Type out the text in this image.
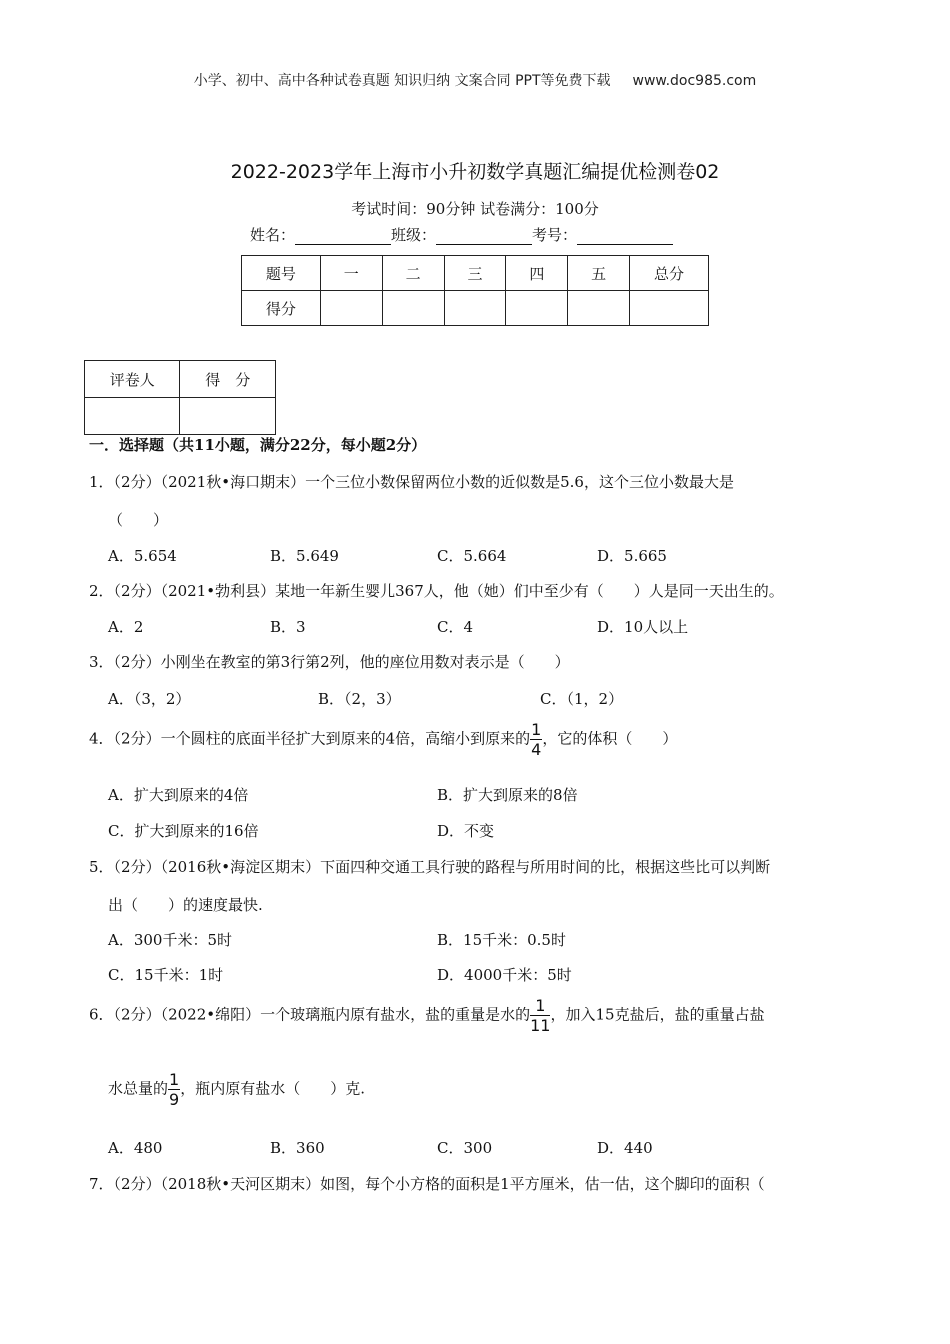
小学、初中、高中各种试卷真题 知识归纳 文案合同 PPT等免费下载 www.doc985.com
2022-2023学年上海市小升初数学真题汇编提优检测卷02
考试时间：90分钟 试卷满分：100分
姓名：	班级：	考号：
题号	一	二	三	四	五	总分
得分						
评卷人	得　分

一．选择题（共11小题，满分22分，每小题2分）
1．（2分）（2021秋•海口期末）一个三位小数保留两位小数的近似数是5.6，这个三位小数最大是
（　　）
A．5.654	B．5.649	C．5.664	D．5.665
2．（2分）（2021•勃利县）某地一年新生婴儿367人，他（她）们中至少有（　　）人是同一天出生的。
A．2	B．3	C．4	D．10人以上
3．（2分）小刚坐在教室的第3行第2列，他的座位用数对表示是（　　）
A．（3，2）	B．（2，3）	C．（1，2）
4．（2分）一个圆柱的底面半径扩大到原来的4倍，高缩小到原来的 $\frac{1}{4}$ ，它的体积（　　）
A．扩大到原来的4倍	B．扩大到原来的8倍
C．扩大到原来的16倍	D．不变
5．（2分）（2016秋•海淀区期末）下面四种交通工具行驶的路程与所用时间的比，根据这些比可以判断
出（　　）的速度最快.
A．300千米：5时	B．15千米：0.5时
C．15千米：1时	D．4000千米：5时
6．（2分）（2022•绵阳）一个玻璃瓶内原有盐水，盐的重量是水的 $\frac{1}{11}$ ，加入15克盐后，盐的重量占盐
水总量的 $\frac{1}{9}$ ，瓶内原有盐水（　　）克.
A．480	B．360	C．300	D．440
7．（2分）（2018秋•天河区期末）如图，每个小方格的面积是1平方厘米，估一估，这个脚印的面积（
